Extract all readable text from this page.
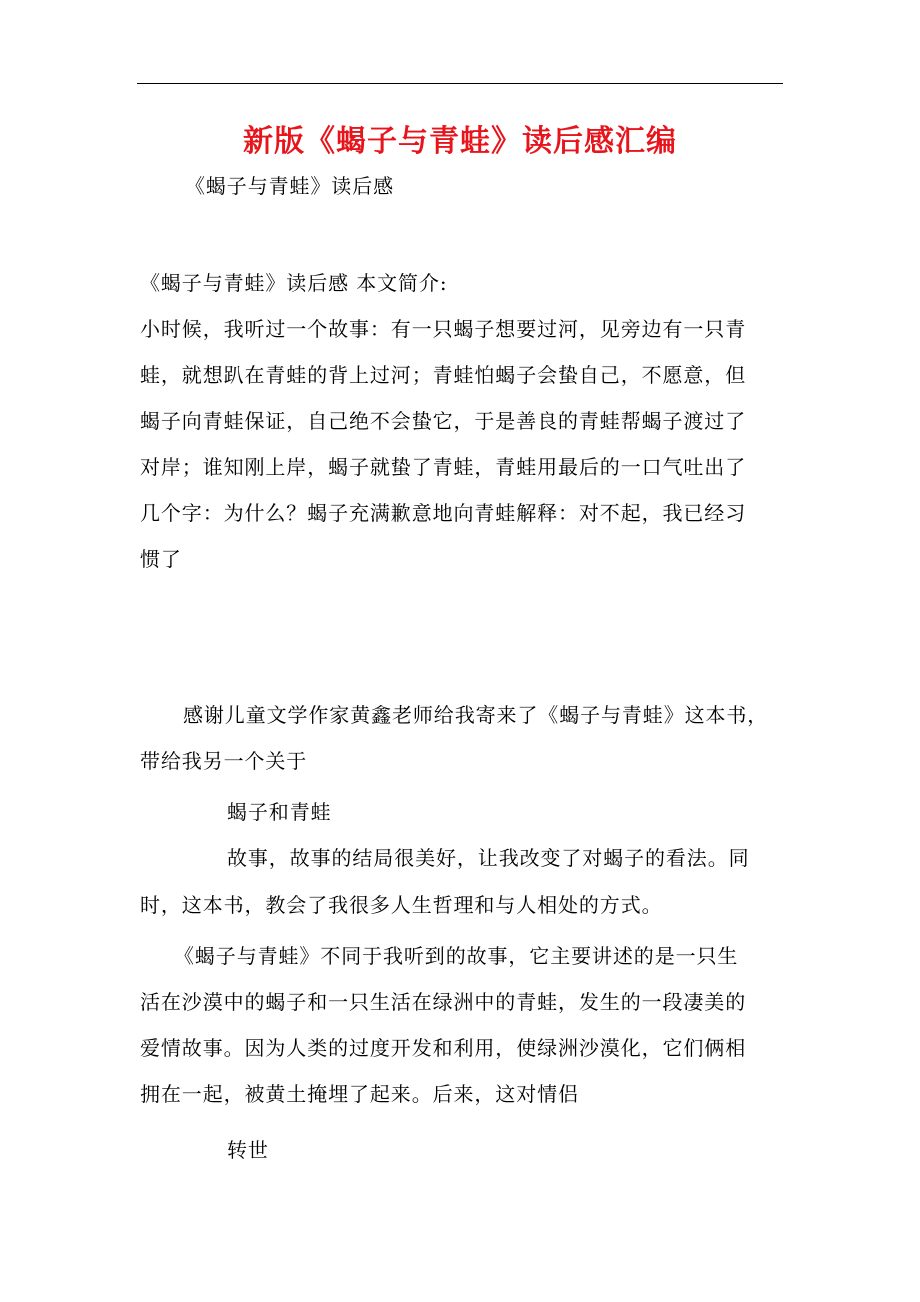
新版《蝎子与青蛙》读后感汇编
《蝎子与青蛙》读后感
《蝎子与青蛙》读后感 本文简介:
小时候，我听过一个故事：有一只蝎子想要过河，见旁边有一只青
蛙，就想趴在青蛙的背上过河；青蛙怕蝎子会蛰自己，不愿意，但
蝎子向青蛙保证，自己绝不会蛰它，于是善良的青蛙帮蝎子渡过了
对岸；谁知刚上岸，蝎子就蛰了青蛙，青蛙用最后的一口气吐出了
几个字：为什么？蝎子充满歉意地向青蛙解释：对不起，我已经习
惯了
感谢儿童文学作家黄鑫老师给我寄来了《蝎子与青蛙》这本书，
带给我另一个关于
蝎子和青蛙
故事，故事的结局很美好，让我改变了对蝎子的看法。同
时，这本书，教会了我很多人生哲理和与人相处的方式。
《蝎子与青蛙》不同于我听到的故事，它主要讲述的是一只生
活在沙漠中的蝎子和一只生活在绿洲中的青蛙，发生的一段凄美的
爱情故事。因为人类的过度开发和利用，使绿洲沙漠化，它们俩相
拥在一起，被黄土掩埋了起来。后来，这对情侣
转世
